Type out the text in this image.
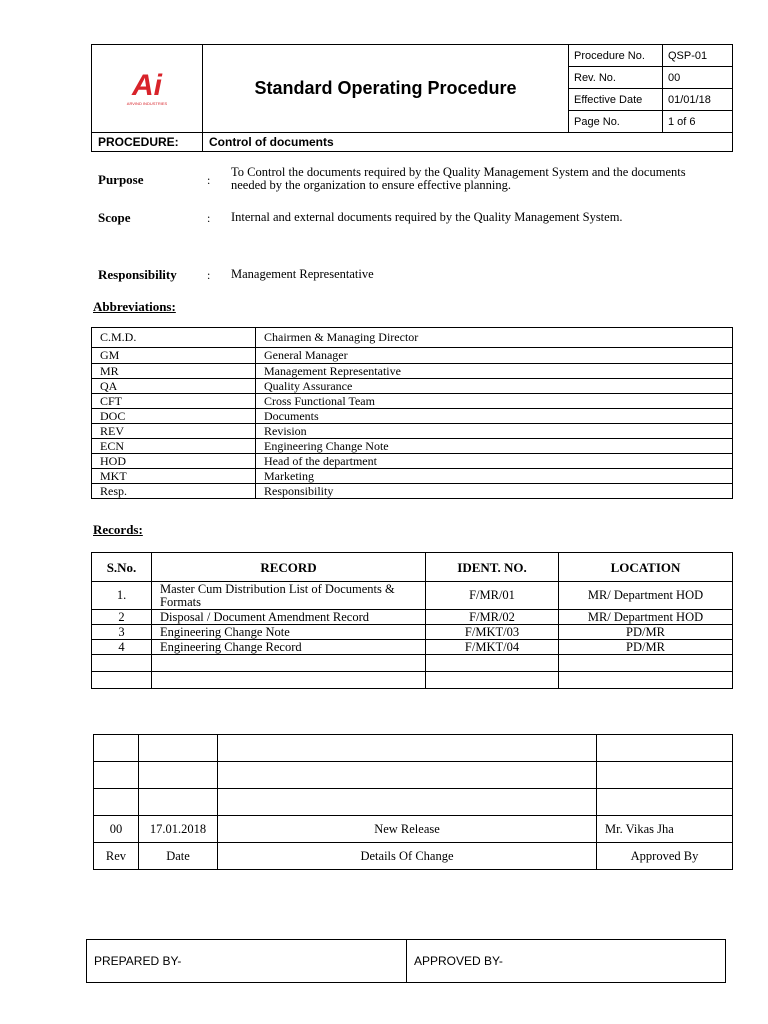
Ai
ARVIND INDUSTRIES	Standard Operating Procedure	Procedure No.	QSP-01
		Rev. No.	00
		Effective Date	01/01/18
		Page No.	1 of 6
PROCEDURE:	Control of documents		
Purpose	:
To Control the documents required by the Quality Management System and the documents needed by the organization to ensure effective planning.
Scope	: Internal and external documents required by the Quality Management System.
Responsibility	: Management Representative
Abbreviations:
C.M.D.	Chairmen & Managing Director
GM	General Manager
MR	Management Representative
QA	Quality Assurance
CFT	Cross Functional Team
DOC	Documents
REV	Revision
ECN	Engineering Change Note
HOD	Head of the department
MKT	Marketing
Resp.	Responsibility
Records:
S.No.	RECORD	IDENT. NO.	LOCATION
1.	Master Cum Distribution List of Documents & Formats	F/MR/01	MR/ Department HOD
2	Disposal / Document Amendment Record	F/MR/02	MR/ Department HOD
3	Engineering Change Note	F/MKT/03	PD/MR
4	Engineering Change Record	F/MKT/04	PD/MR

00	17.01.2018	New Release	Mr. Vikas Jha
Rev	Date	Details Of Change	Approved By
PREPARED BY-	APPROVED BY-
